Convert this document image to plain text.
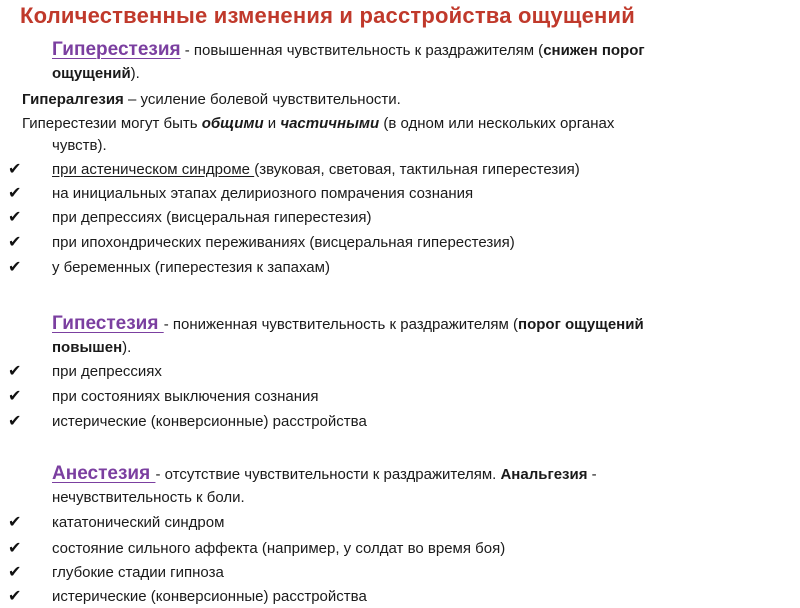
Количественные изменения и расстройства ощущений
Гиперестезия - повышенная чувствительность к раздражителям (снижен порог
ощущений).
Гипералгезия – усиление болевой чувствительности.
Гиперестезии могут быть общими и частичными (в одном или нескольких органах
чувств).
✔	при астеническом синдроме (звуковая, световая, тактильная гиперестезия)
✔	на инициальных этапах делириозного помрачения сознания
✔	при депрессиях (висцеральная гиперестезия)
✔	при ипохондрических переживаниях (висцеральная гиперестезия)
✔	у беременных (гиперестезия к запахам)
Гипестезия - пониженная чувствительность к раздражителям (порог ощущений
повышен).
✔	при депрессиях
✔	при состояниях выключения сознания
✔	истерические (конверсионные) расстройства
Анестезия - отсутствие чувствительности к раздражителям. Анальгезия -
нечувствительность к боли.
✔	кататонический синдром
✔	состояние сильного аффекта (например, у солдат во время боя)
✔	глубокие стадии гипноза
✔	истерические (конверсионные) расстройства
